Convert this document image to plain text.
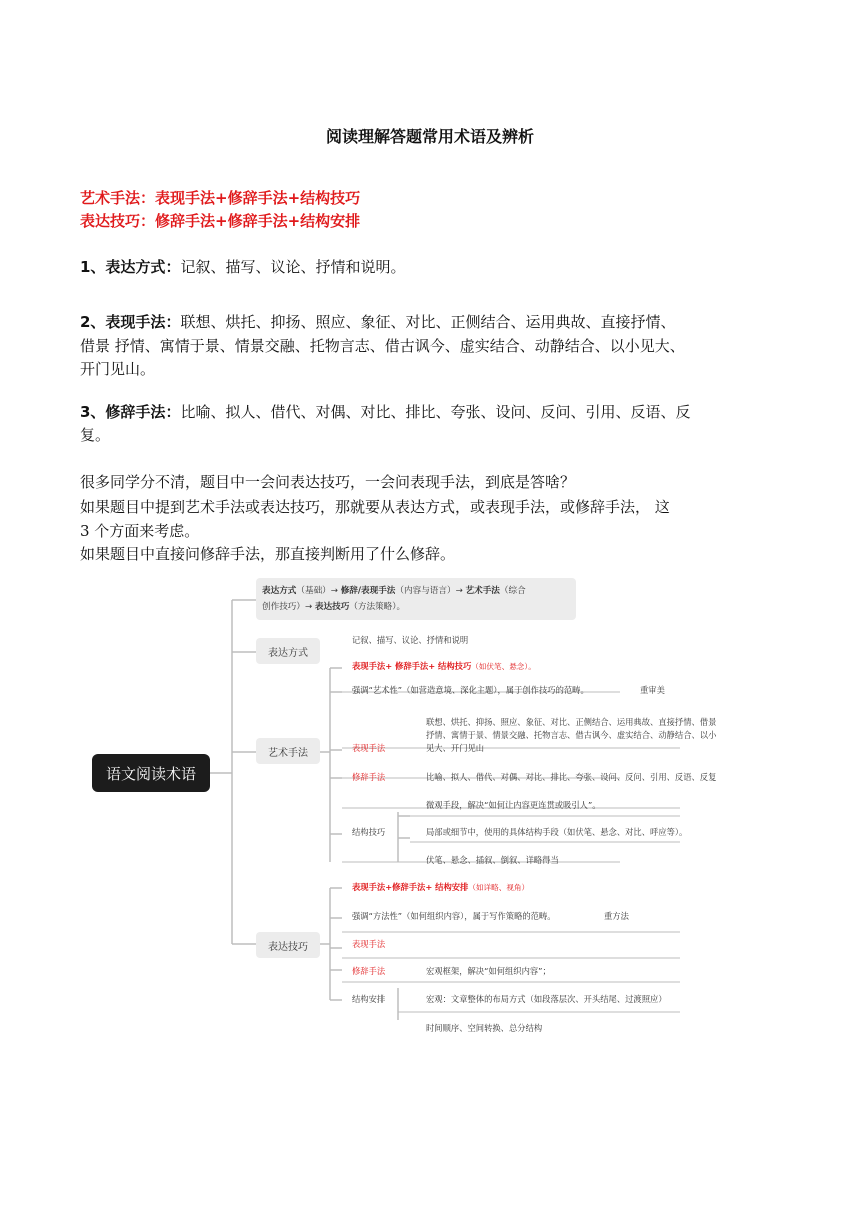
阅读理解答题常用术语及辨析
艺术手法：表现手法+修辞手法+结构技巧
表达技巧：修辞手法+修辞手法+结构安排
1、表达方式：记叙、描写、议论、抒情和说明。
2、表现手法：联想、烘托、抑扬、照应、象征、对比、正侧结合、运用典故、直接抒情、
借景 抒情、寓情于景、情景交融、托物言志、借古讽今、虚实结合、动静结合、以小见大、
开门见山。
3、修辞手法：比喻、拟人、借代、对偶、对比、排比、夸张、设问、反问、引用、反语、反
复。
很多同学分不清，题目中一会问表达技巧，一会问表现手法，到底是答啥？
如果题目中提到艺术手法或表达技巧，那就要从表达方式，或表现手法，或修辞手法， 这
3 个方面来考虑。
如果题目中直接问修辞手法，那直接判断用了什么修辞。
语文阅读术语
表达方式（基础）→ 修辞/表现手法（内容与语言）→ 艺术手法（综合
创作技巧）→ 表达技巧（方法策略）。
表达方式
记叙、描写、议论、抒情和说明
艺术手法
表现手法+ 修辞手法+ 结构技巧（如伏笔、悬念）。
强调“艺术性”（如营造意境、深化主题），属于创作技巧的范畴。	重审美
表现手法
联想、烘托、抑扬、照应、象征、对比、正侧结合、运用典故、直接抒情、借景
抒情、寓情于景、情景交融、托物言志、借古讽今、虚实结合、动静结合、以小
见大、开门见山
修辞手法	比喻、拟人、借代、对偶、对比、排比、夸张、设问、反问、引用、反语、反复
结构技巧
微观手段，解决“如何让内容更连贯或吸引人”。
局部或细节中，使用的具体结构手段（如伏笔、悬念、对比、呼应等）。
伏笔、悬念、插叙、倒叙、详略得当
表达技巧
表现手法+修辞手法+ 结构安排（如详略、视角）
强调“方法性”（如何组织内容），属于写作策略的范畴。	重方法
表现手法
修辞手法	宏观框架，解决“如何组织内容”；
结构安排	宏观：文章整体的布局方式（如段落层次、开头结尾、过渡照应）
时间顺序、空间转换、总分结构
